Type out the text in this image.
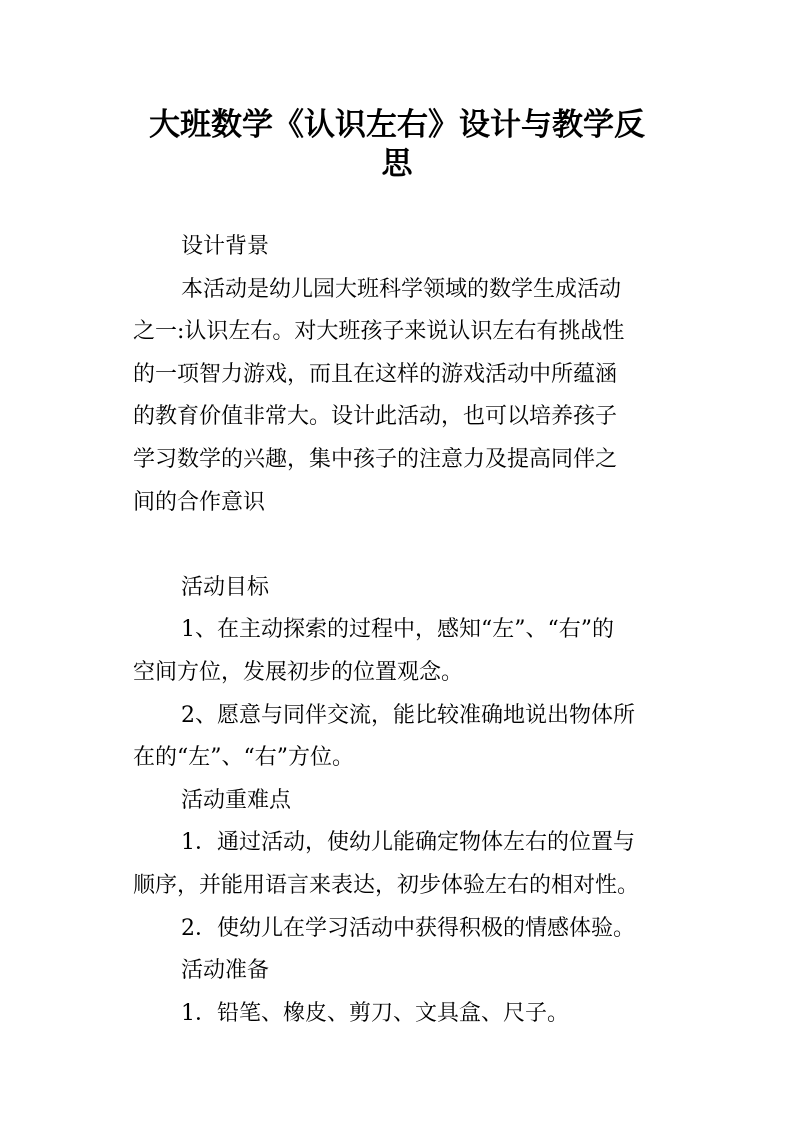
大班数学《认识左右》设计与教学反
思

设计背景

本活动是幼儿园大班科学领域的数学生成活动

之一:认识左右。对大班孩子来说认识左右有挑战性

的一项智力游戏，而且在这样的游戏活动中所蕴涵

的教育价值非常大。设计此活动，也可以培养孩子

学习数学的兴趣，集中孩子的注意力及提高同伴之

间的合作意识

活动目标

1、在主动探索的过程中，感知“左”、“右”的

空间方位，发展初步的位置观念。

2、愿意与同伴交流，能比较准确地说出物体所

在的“左”、“右”方位。

活动重难点

1．通过活动，使幼儿能确定物体左右的位置与

顺序，并能用语言来表达，初步体验左右的相对性。

2．使幼儿在学习活动中获得积极的情感体验。

活动准备

1．铅笔、橡皮、剪刀、文具盒、尺子。
